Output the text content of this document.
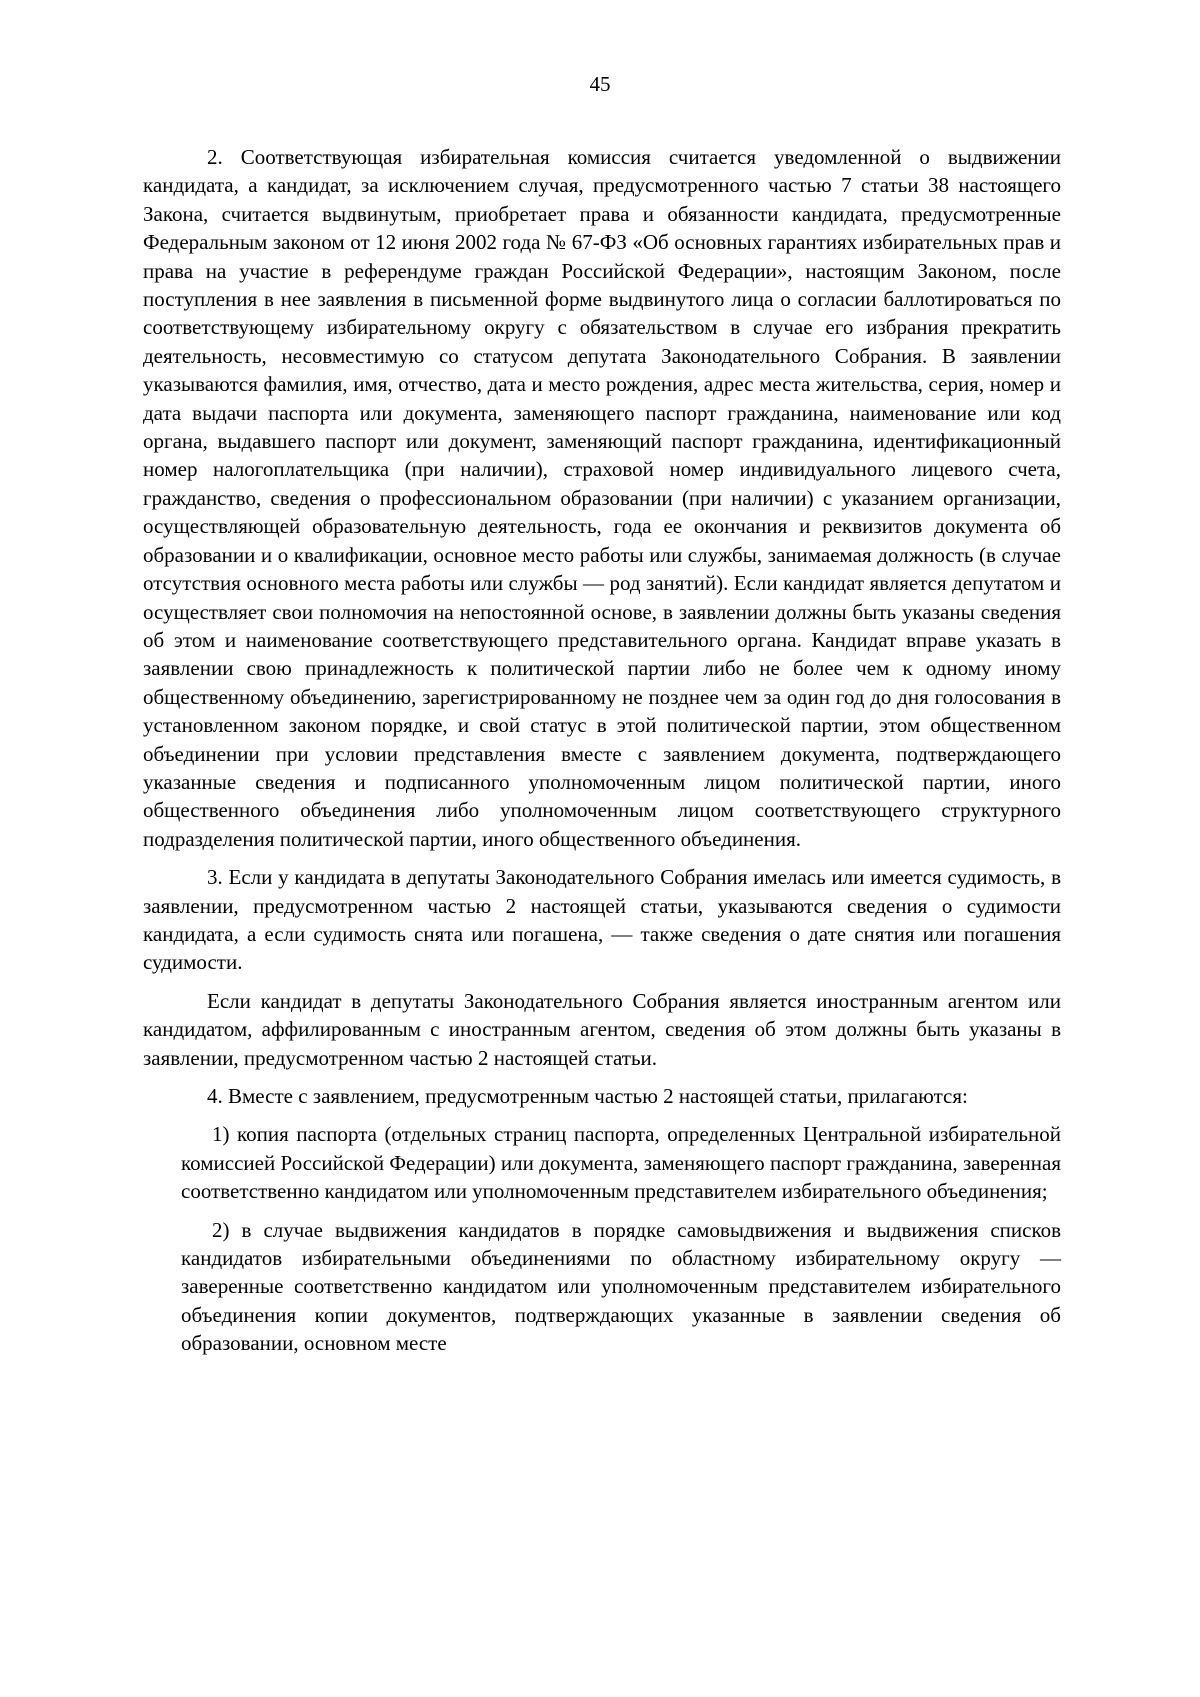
45

2. Соответствующая избирательная комиссия считается уведомленной о выдвижении кандидата, а кандидат, за исключением случая, предусмотренного частью 7 статьи 38 настоящего Закона, считается выдвинутым, приобретает права и обязанности кандидата, предусмотренные Федеральным законом от 12 июня 2002 года № 67-ФЗ «Об основных гарантиях избирательных прав и права на участие в референдуме граждан Российской Федерации», настоящим Законом, после поступления в нее заявления в письменной форме выдвинутого лица о согласии баллотироваться по соответствующему избирательному округу с обязательством в случае его избрания прекратить деятельность, несовместимую со статусом депутата Законодательного Собрания. В заявлении указываются фамилия, имя, отчество, дата и место рождения, адрес места жительства, серия, номер и дата выдачи паспорта или документа, заменяющего паспорт гражданина, наименование или код органа, выдавшего паспорт или документ, заменяющий паспорт гражданина, идентификационный номер налогоплательщика (при наличии), страховой номер индивидуального лицевого счета, гражданство, сведения о профессиональном образовании (при наличии) с указанием организации, осуществляющей образовательную деятельность, года ее окончания и реквизитов документа об образовании и о квалификации, основное место работы или службы, занимаемая должность (в случае отсутствия основного места работы или службы — род занятий). Если кандидат является депутатом и осуществляет свои полномочия на непостоянной основе, в заявлении должны быть указаны сведения об этом и наименование соответствующего представительного органа. Кандидат вправе указать в заявлении свою принадлежность к политической партии либо не более чем к одному иному общественному объединению, зарегистрированному не позднее чем за один год до дня голосования в установленном законом порядке, и свой статус в этой политической партии, этом общественном объединении при условии представления вместе с заявлением документа, подтверждающего указанные сведения и подписанного уполномоченным лицом политической партии, иного общественного объединения либо уполномоченным лицом соответствующего структурного подразделения политической партии, иного общественного объединения.

3. Если у кандидата в депутаты Законодательного Собрания имелась или имеется судимость, в заявлении, предусмотренном частью 2 настоящей статьи, указываются сведения о судимости кандидата, а если судимость снята или погашена, — также сведения о дате снятия или погашения судимости.

Если кандидат в депутаты Законодательного Собрания является иностранным агентом или кандидатом, аффилированным с иностранным агентом, сведения об этом должны быть указаны в заявлении, предусмотренном частью 2 настоящей статьи.

4. Вместе с заявлением, предусмотренным частью 2 настоящей статьи, прилагаются:

1) копия паспорта (отдельных страниц паспорта, определенных Центральной избирательной комиссией Российской Федерации) или документа, заменяющего паспорт гражданина, заверенная соответственно кандидатом или уполномоченным представителем избирательного объединения;

2) в случае выдвижения кандидатов в порядке самовыдвижения и выдвижения списков кандидатов избирательными объединениями по областному избирательному округу — заверенные соответственно кандидатом или уполномоченным представителем избирательного объединения копии документов, подтверждающих указанные в заявлении сведения об образовании, основном месте
